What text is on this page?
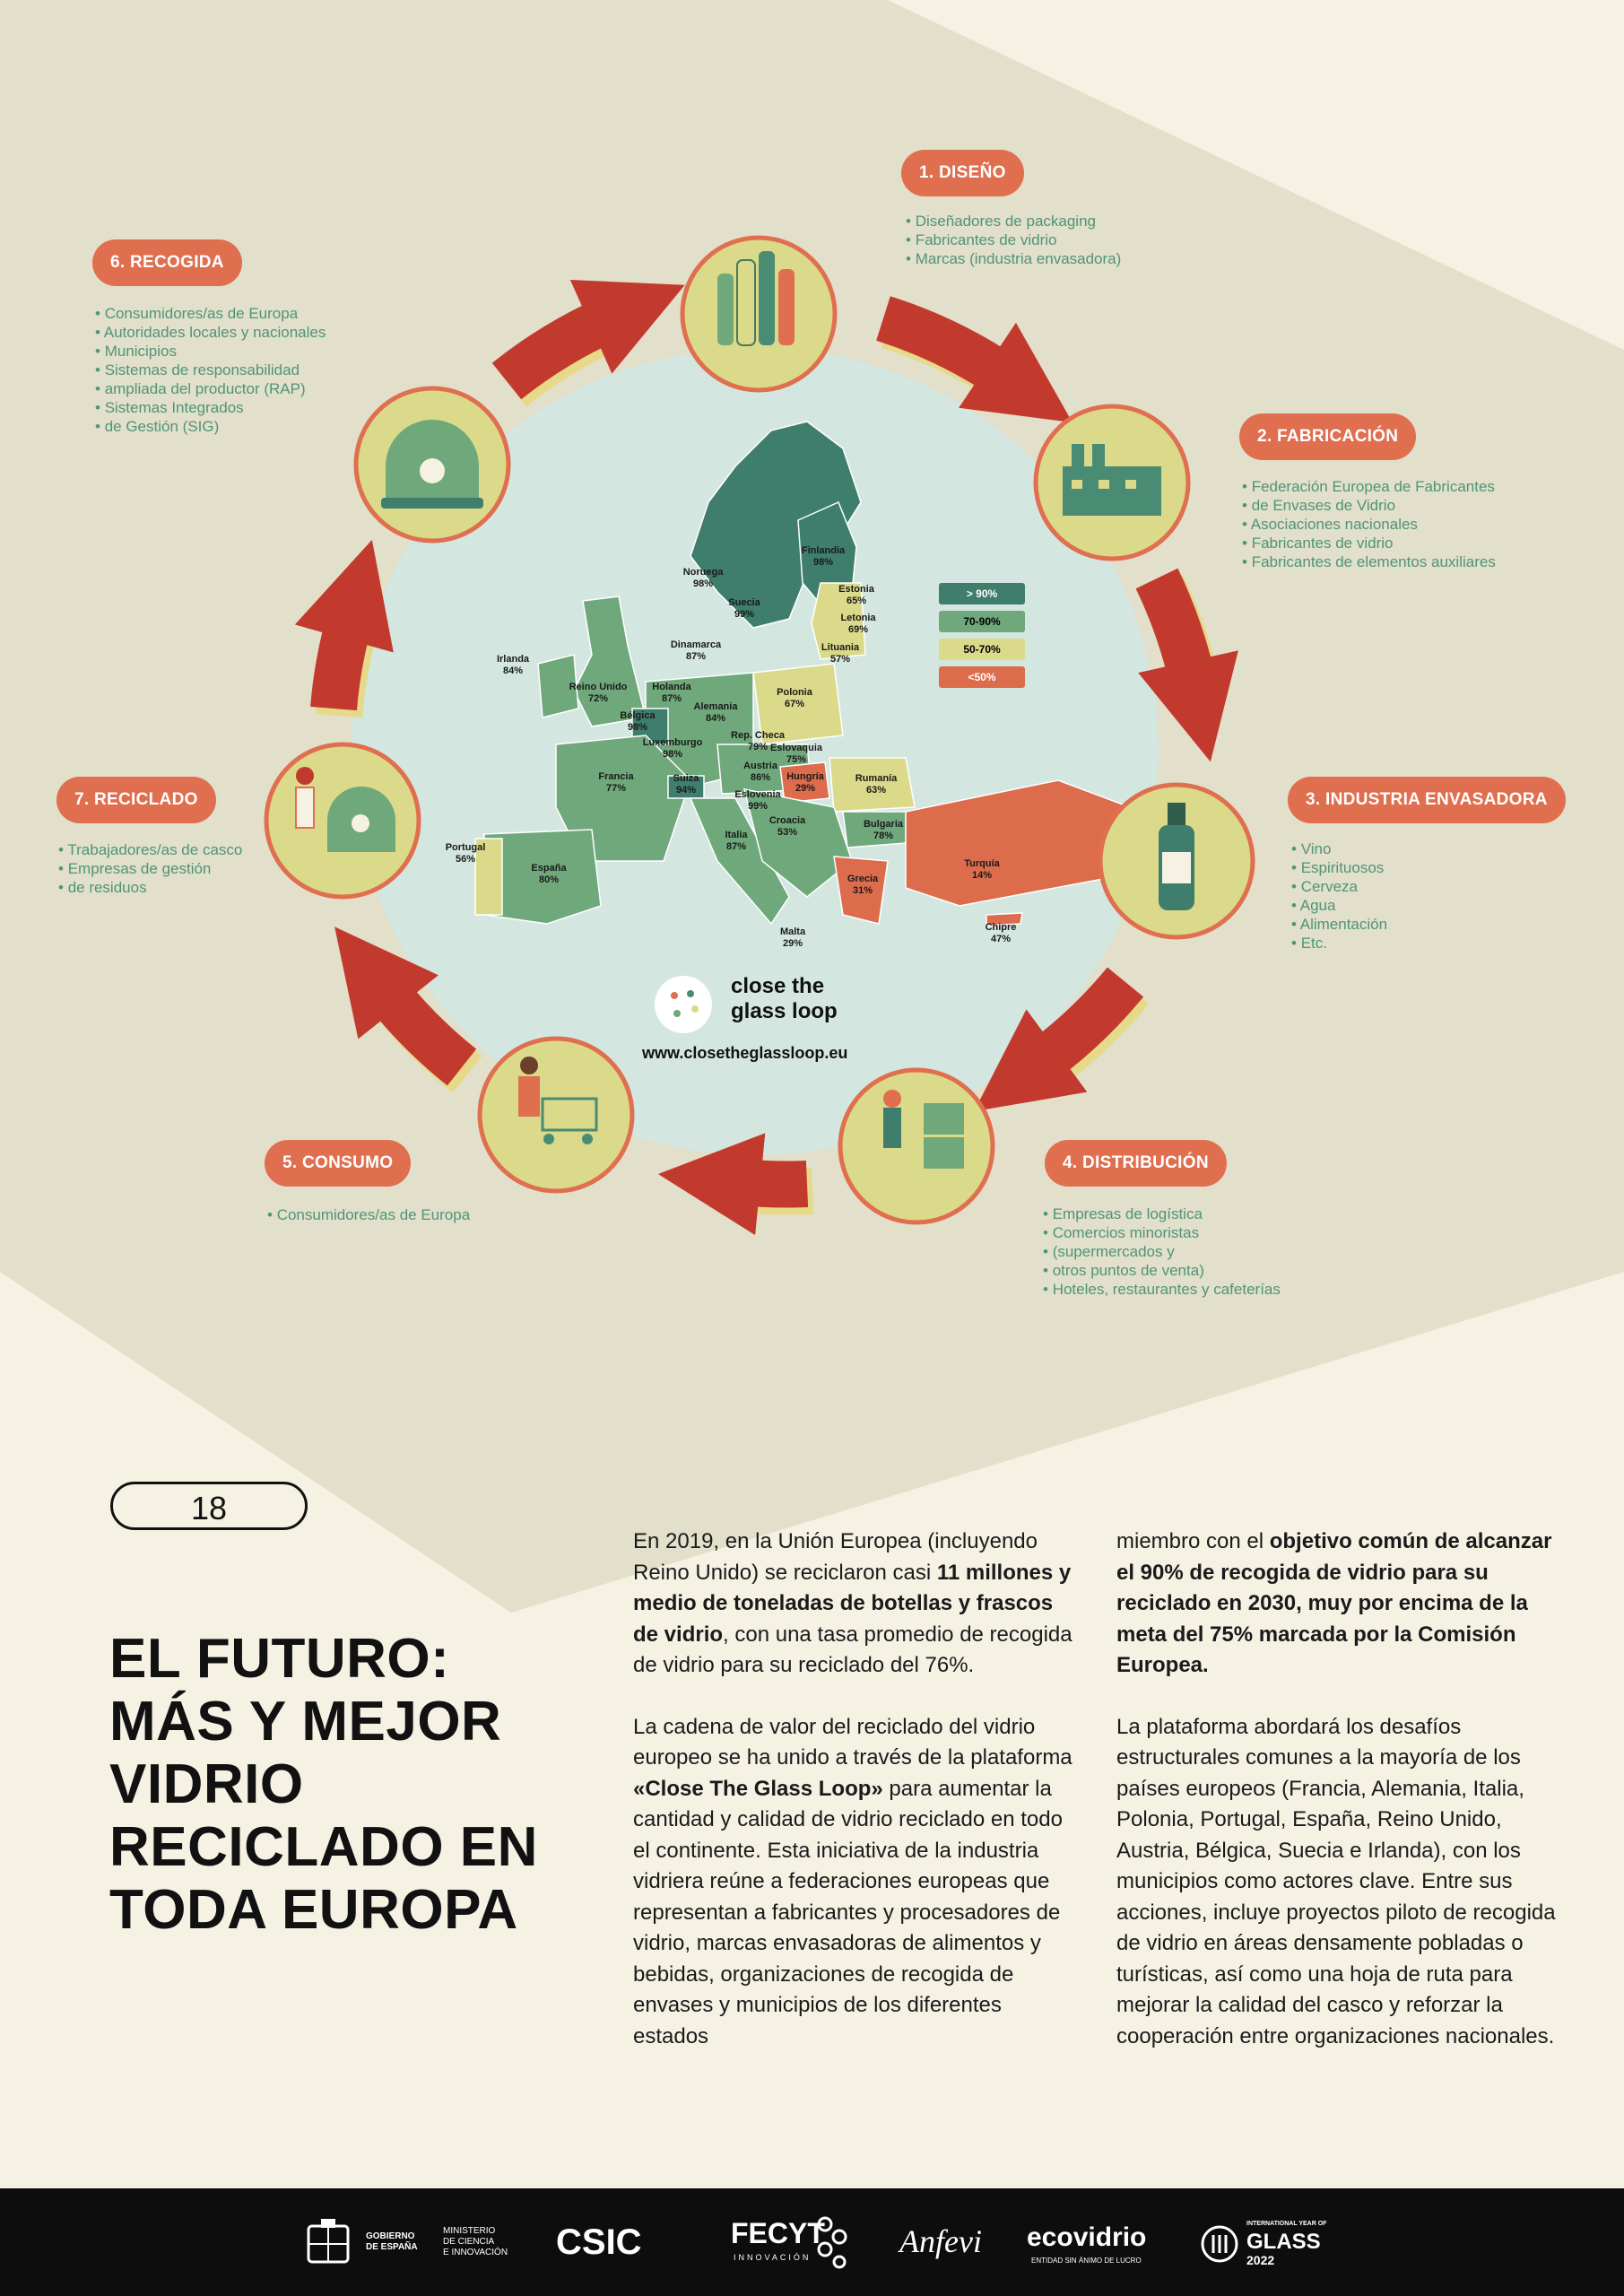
> 90%
70-90%
50-70%
<50%
Finlandia
98%
Noruega
98%
Suecia
99%
Estonia
65%
Letonia
69%
Lituania
57%
Dinamarca
87%
Irlanda
84%
Reino Unido
72%
Holanda
87%
Alemania
84%
Polonia
67%
Bélgica
98%
Luxemburgo
98%
Rep. Checa
79% Eslovaquia
75%
Austria
86%	Hungría
29%
Rumanía
63%
Francia
77%
Suiza
94%	Eslovenia
99%
Croacia
53%
Bulgaria
78%
Portugal
56%
España
80%
Italia
87%
Grecia
31%
Turquía
14%
Chipre
47%
Malta
29%
close the
glass loop
www.closetheglassloop.eu
1. DISEÑO
• Diseñadores de packaging
• Fabricantes de vidrio
• Marcas (industria envasadora)
2. FABRICACIÓN
• Federación Europea de Fabricantes
• de Envases de Vidrio
• Asociaciones nacionales
• Fabricantes de vidrio
• Fabricantes de elementos auxiliares
3. INDUSTRIA ENVASADORA
• Vino
• Espirituosos
• Cerveza
• Agua
• Alimentación
• Etc.
4. DISTRIBUCIÓN
• Empresas de logística
• Comercios minoristas
• (supermercados y
• otros puntos de venta)
• Hoteles, restaurantes y cafeterías
5. CONSUMO
• Consumidores/as de Europa
6. RECOGIDA
• Consumidores/as de Europa
• Autoridades locales y nacionales
• Municipios
• Sistemas de responsabilidad
• ampliada del productor (RAP)
• Sistemas Integrados
• de Gestión (SIG)
7. RECICLADO
• Trabajadores/as de casco
• Empresas de gestión
• de residuos
18
EL FUTURO:
MÁS Y MEJOR
VIDRIO
RECICLADO EN
TODA EUROPA

En 2019, en la Unión Europea (incluyendo Reino Unido) se reciclaron casi 11 millones y medio de toneladas de botellas y frascos de vidrio, con una tasa promedio de recogida de vidrio para su reciclado del 76%.

La cadena de valor del reciclado del vidrio europeo se ha unido a través de la plataforma «Close The Glass Loop» para aumentar la cantidad y calidad de vidrio reciclado en todo el continente. Esta iniciativa de la industria vidriera reúne a federaciones europeas que representan a fabricantes y procesadores de vidrio, marcas envasadoras de alimentos y bebidas, organizaciones de recogida de envases y municipios de los diferentes estados

miembro con el objetivo común de alcanzar el 90% de recogida de vidrio para su reciclado en 2030, muy por encima de la meta del 75% marcada por la Comisión Europea.

La plataforma abordará los desafíos estructurales comunes a la mayoría de los países europeos (Francia, Alemania, Italia, Polonia, Portugal, España, Reino Unido, Austria, Bélgica, Suecia e Irlanda), con los municipios como actores clave. Entre sus acciones, incluye proyectos piloto de recogida de vidrio en áreas densamente pobladas o turísticas, así como una hoja de ruta para mejorar la calidad del casco y reforzar la cooperación entre organizaciones nacionales.

GOBIERNO
DE ESPAÑA
MINISTERIO
DE CIENCIA
E INNOVACIÓN CSIC	FECYT
INNOVACIÓN	Anfevi ecovidrio
ENTIDAD SIN ÁNIMO DE LUCRO
INTERNATIONAL YEAR OF
GLASS
2022
